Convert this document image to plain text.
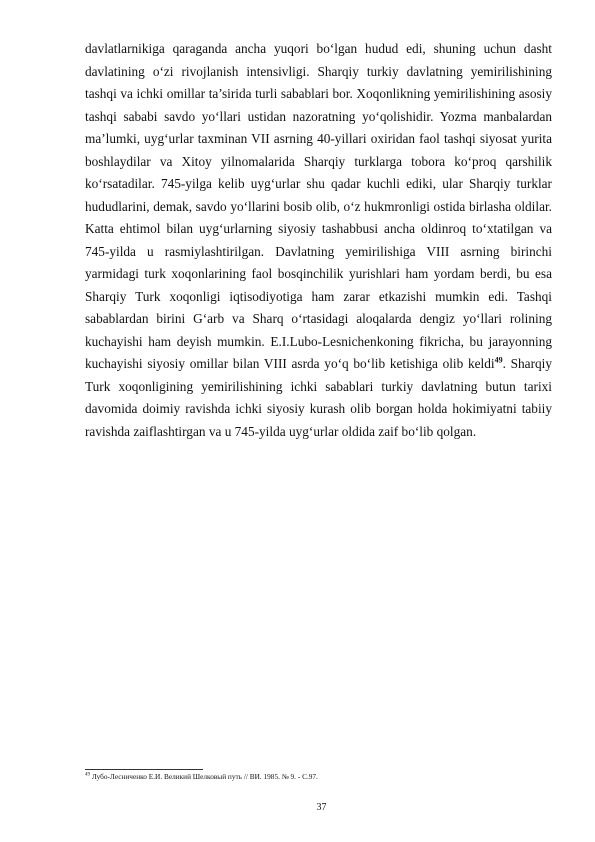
davlatlarnikiga qaraganda ancha yuqori boʻlgan hudud edi, shuning uchun dasht davlatining oʻzi rivojlanish intensivligi. Sharqiy turkiy davlatning yemirilishining tashqi va ichki omillar ta’sirida turli sabablari bor. Xoqonlikning yemirilishining asosiy tashqi sababi savdo yoʻllari ustidan nazoratning yoʻqolishidir. Yozma manbalardan ma’lumki, uygʻurlar taxminan VII asrning 40-yillari oxiridan faol tashqi siyosat yurita boshlaydilar va Xitoy yilnomalarida Sharqiy turklarga tobora koʻproq qarshilik koʻrsatadilar. 745-yilga kelib uygʻurlar shu qadar kuchli ediki, ular Sharqiy turklar hududlarini, demak, savdo yoʻllarini bosib olib, oʻz hukmronligi ostida birlasha oldilar. Katta ehtimol bilan uygʻurlarning siyosiy tashabbusi ancha oldinroq toʻxtatilgan va 745-yilda u rasmiylashtirilgan. Davlatning yemirilishiga VIII asrning birinchi yarmidagi turk xoqonlarining faol bosqinchilik yurishlari ham yordam berdi, bu esa Sharqiy Turk xoqonligi iqtisodiyotiga ham zarar etkazishi mumkin edi. Tashqi sabablardan birini Gʻarb va Sharq oʻrtasidagi aloqalarda dengiz yoʻllari rolining kuchayishi ham deyish mumkin. E.I.Lubo-Lesnichenkoning fikricha, bu jarayonning kuchayishi siyosiy omillar bilan VIII asrda yoʻq boʻlib ketishiga olib keldi$^{49}$. Sharqiy Turk xoqonligining yemirilishining ichki sabablari turkiy davlatning butun tarixi davomida doimiy ravishda ichki siyosiy kurash olib borgan holda hokimiyatni tabiiy ravishda zaiflashtirgan va u 745-yilda uygʻurlar oldida zaif boʻlib qolgan.

$^{49}$ Лубо-Лесниченко Е.И. Великий Шелковый путь // ВИ. 1985. № 9. - С.97.

37
